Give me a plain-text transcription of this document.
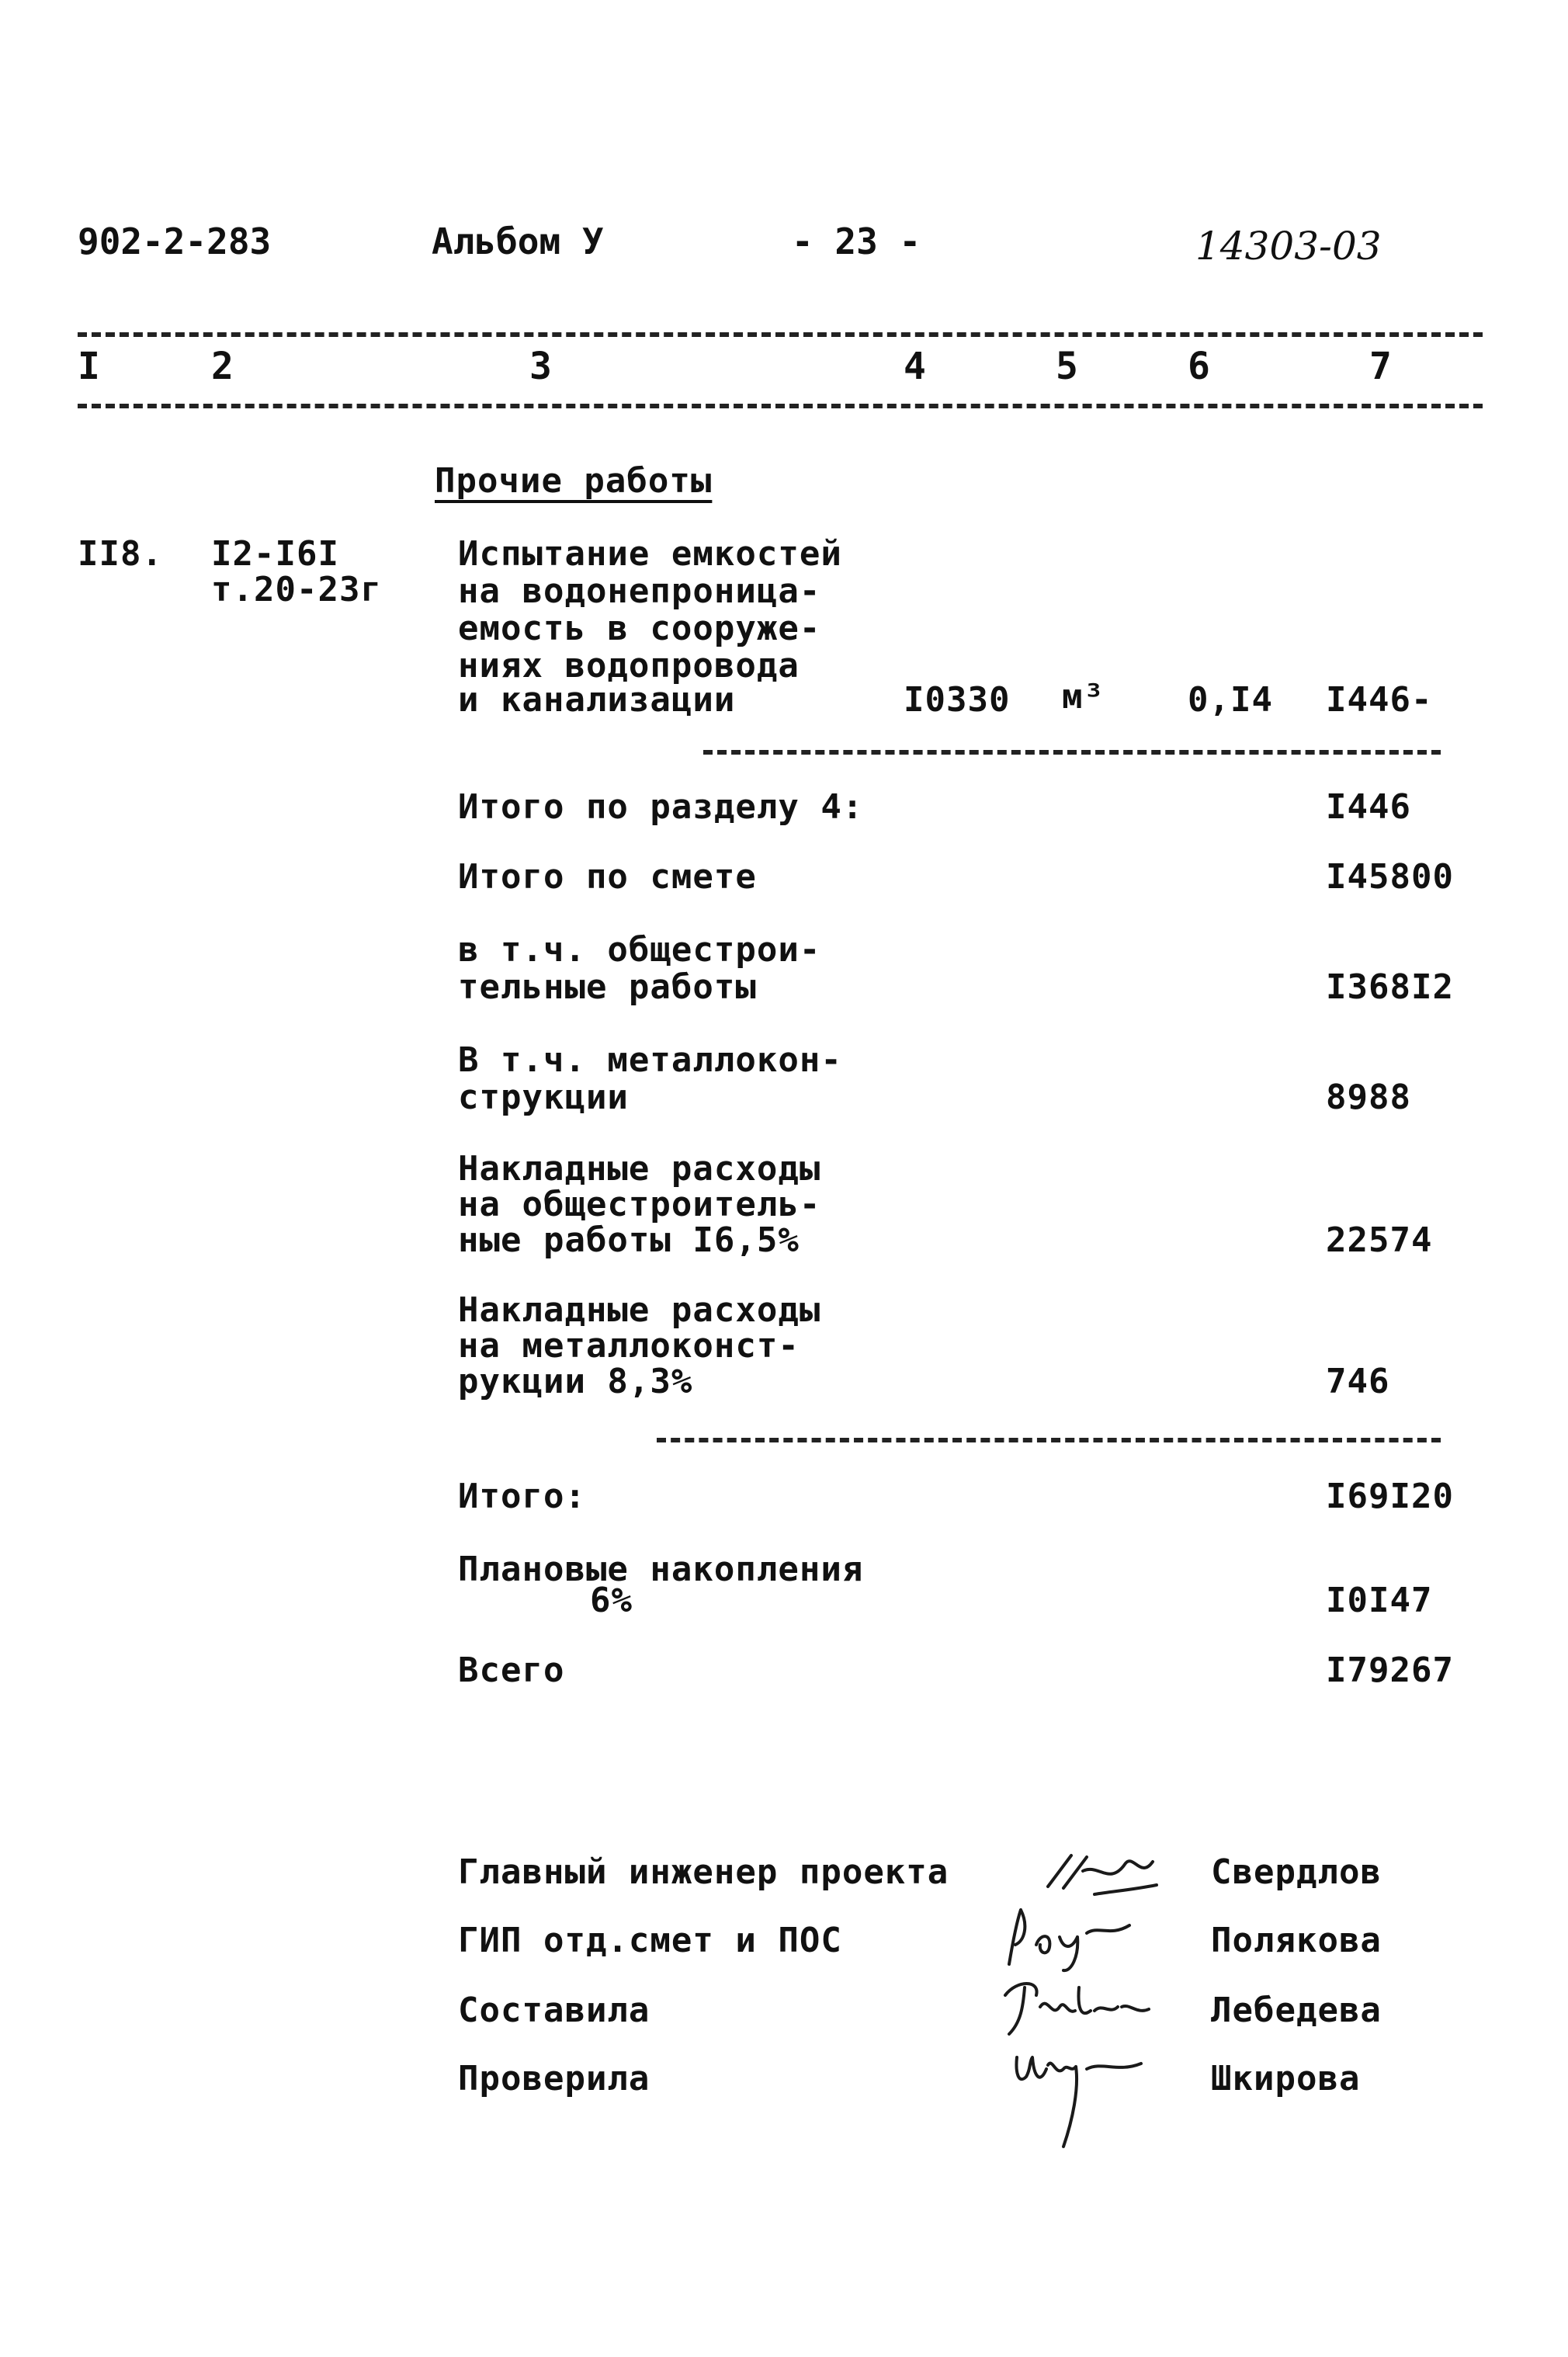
902-2-283	Альбом У	- 23 -	14303-03
I	2	3	4	5	6	7
Прочие работы
II8. I2-I6I
т.20-23г
Испытание емкостей
на водонепроница-
емость в сооруже-
ниях водопровода
и канализации	I0330 м³ 0,I4 I446-
Итого по разделу 4:	I446
Итого по смете	I45800
в т.ч. общестрои-
тельные работы	I368I2
В т.ч. металлокон-
струкции	8988
Накладные расходы
на общестроитель-
ные работы I6,5%	22574
Накладные расходы
на металлоконст-
рукции 8,3%	746
Итого:	I69I20
Плановые накопления
6%	I0I47
Всего	I79267
Главный инженер проекта	Свердлов
ГИП отд.смет и ПОС	Полякова
Составила	Лебедева
Проверила	Шкирова
